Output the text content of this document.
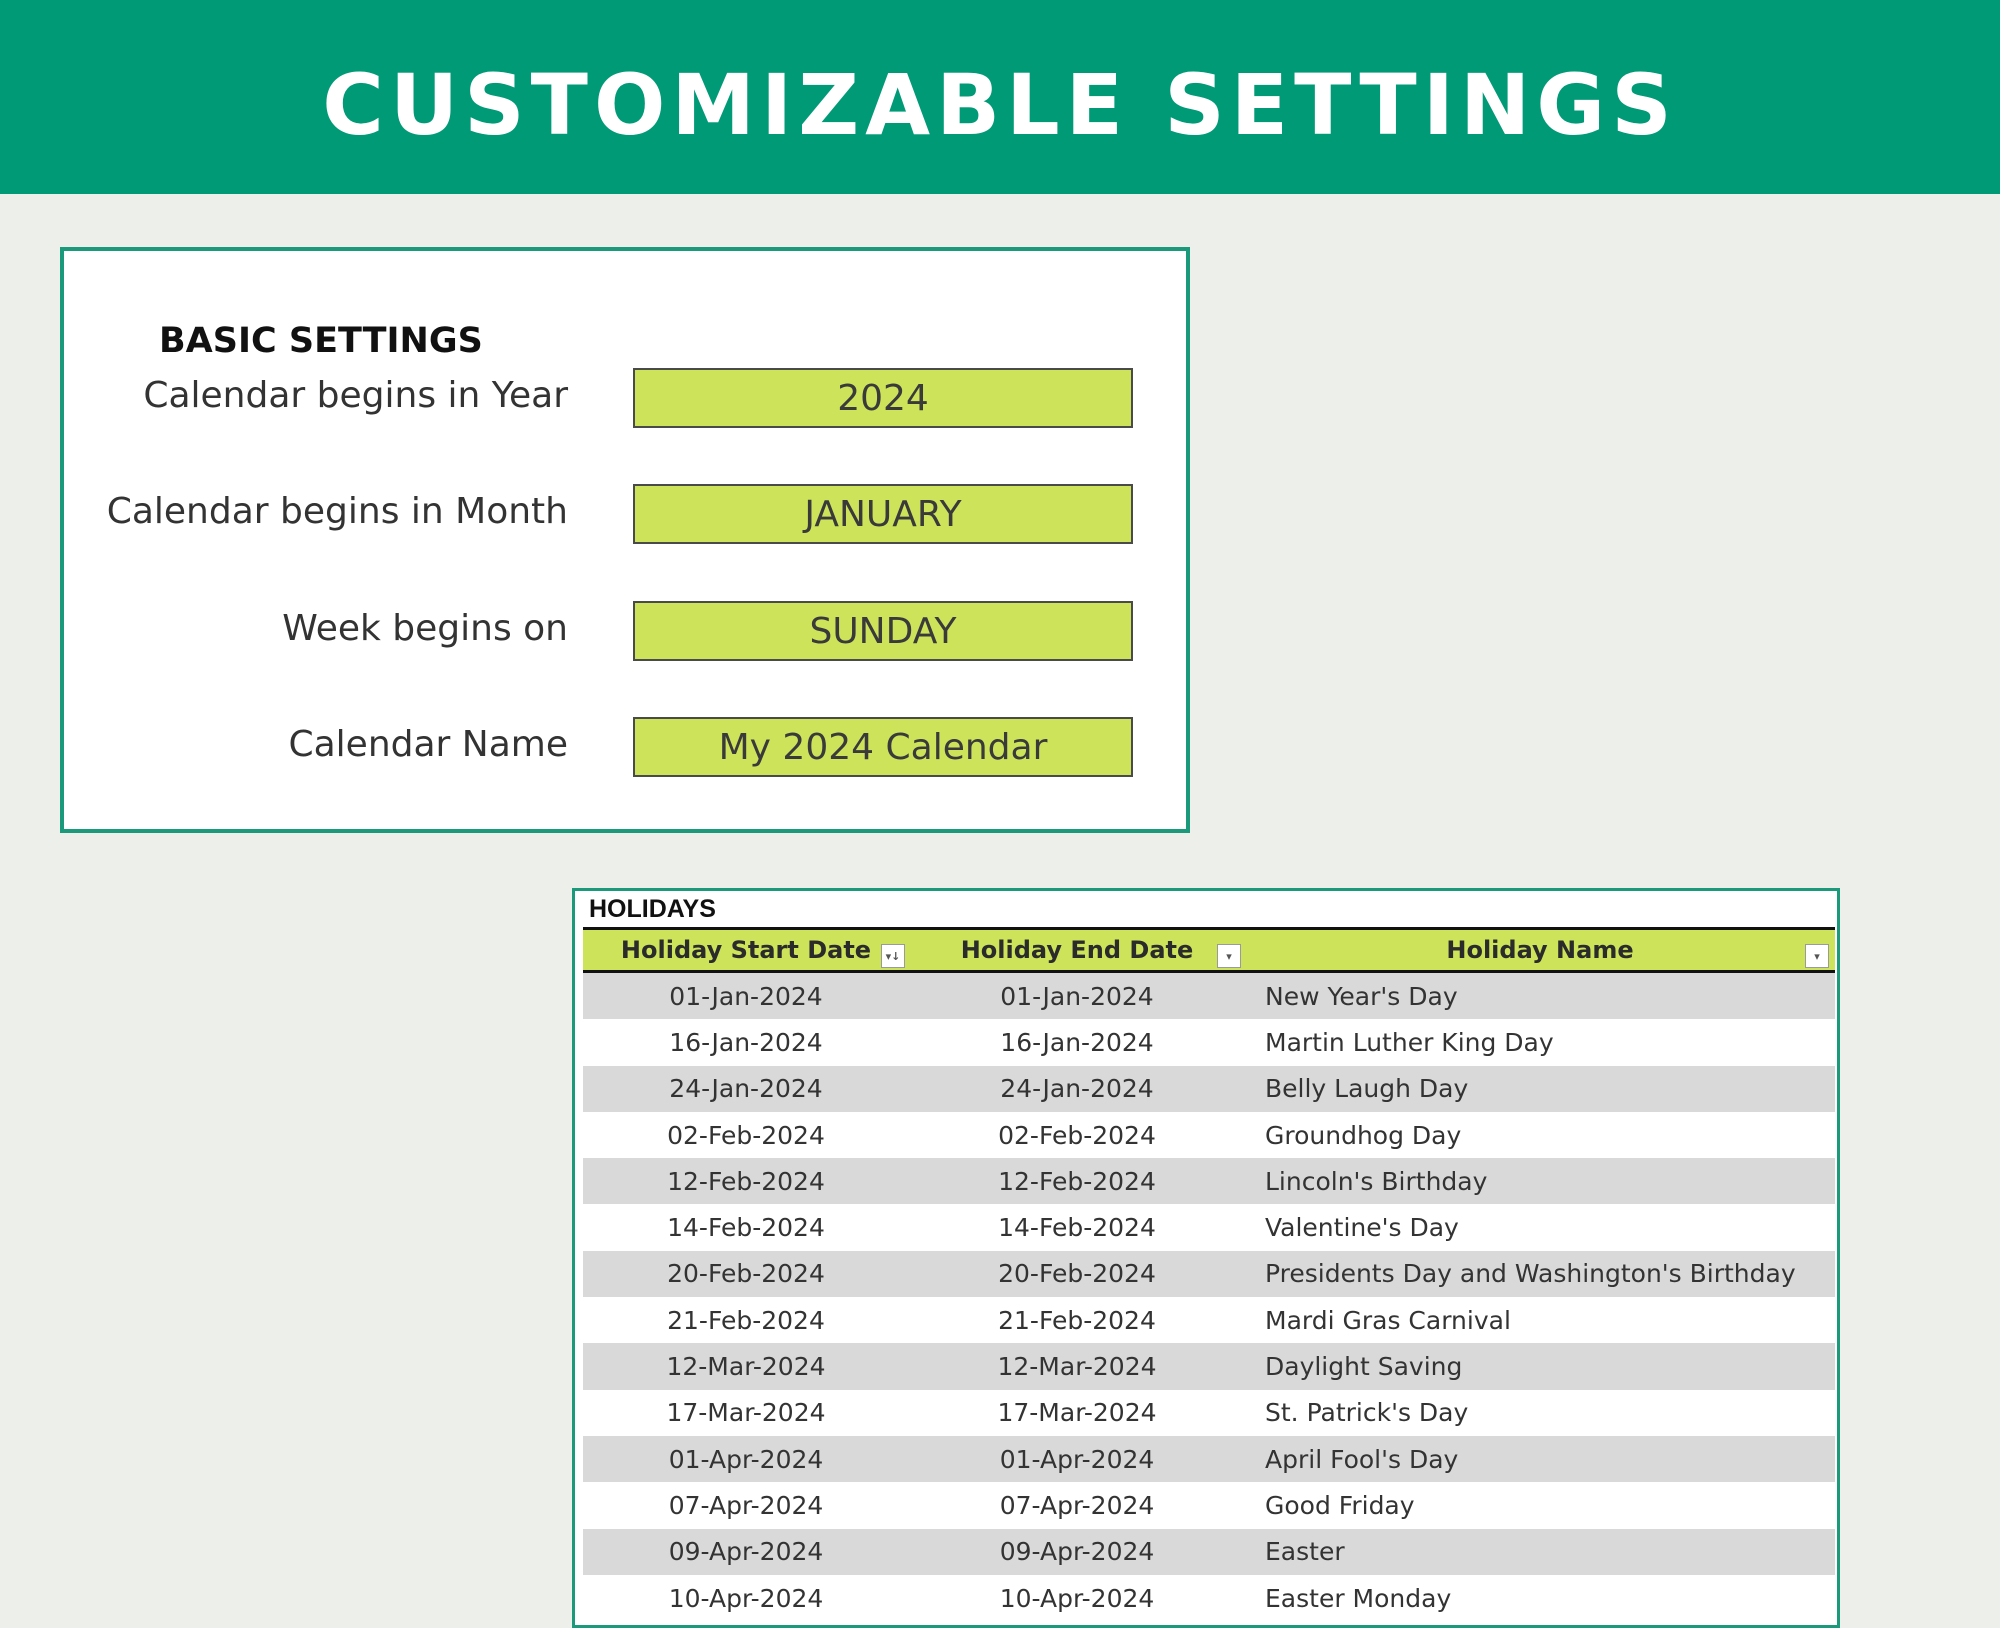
CUSTOMIZABLE SETTINGS
BASIC SETTINGS
Calendar begins in Year	2024
Calendar begins in Month	JANUARY
Week begins on	SUNDAY
Calendar Name	My 2024 Calendar
HOLIDAYS
Holiday Start Date	▾↓	Holiday End Date	▾	Holiday Name	▾
01-Jan-2024	01-Jan-2024	New Year's Day
16-Jan-2024	16-Jan-2024	Martin Luther King Day
24-Jan-2024	24-Jan-2024	Belly Laugh Day
02-Feb-2024	02-Feb-2024	Groundhog Day
12-Feb-2024	12-Feb-2024	Lincoln's Birthday
14-Feb-2024	14-Feb-2024	Valentine's Day
20-Feb-2024	20-Feb-2024	Presidents Day and Washington's Birthday
21-Feb-2024	21-Feb-2024	Mardi Gras Carnival
12-Mar-2024	12-Mar-2024	Daylight Saving
17-Mar-2024	17-Mar-2024	St. Patrick's Day
01-Apr-2024	01-Apr-2024	April Fool's Day
07-Apr-2024	07-Apr-2024	Good Friday
09-Apr-2024	09-Apr-2024	Easter
10-Apr-2024	10-Apr-2024	Easter Monday
